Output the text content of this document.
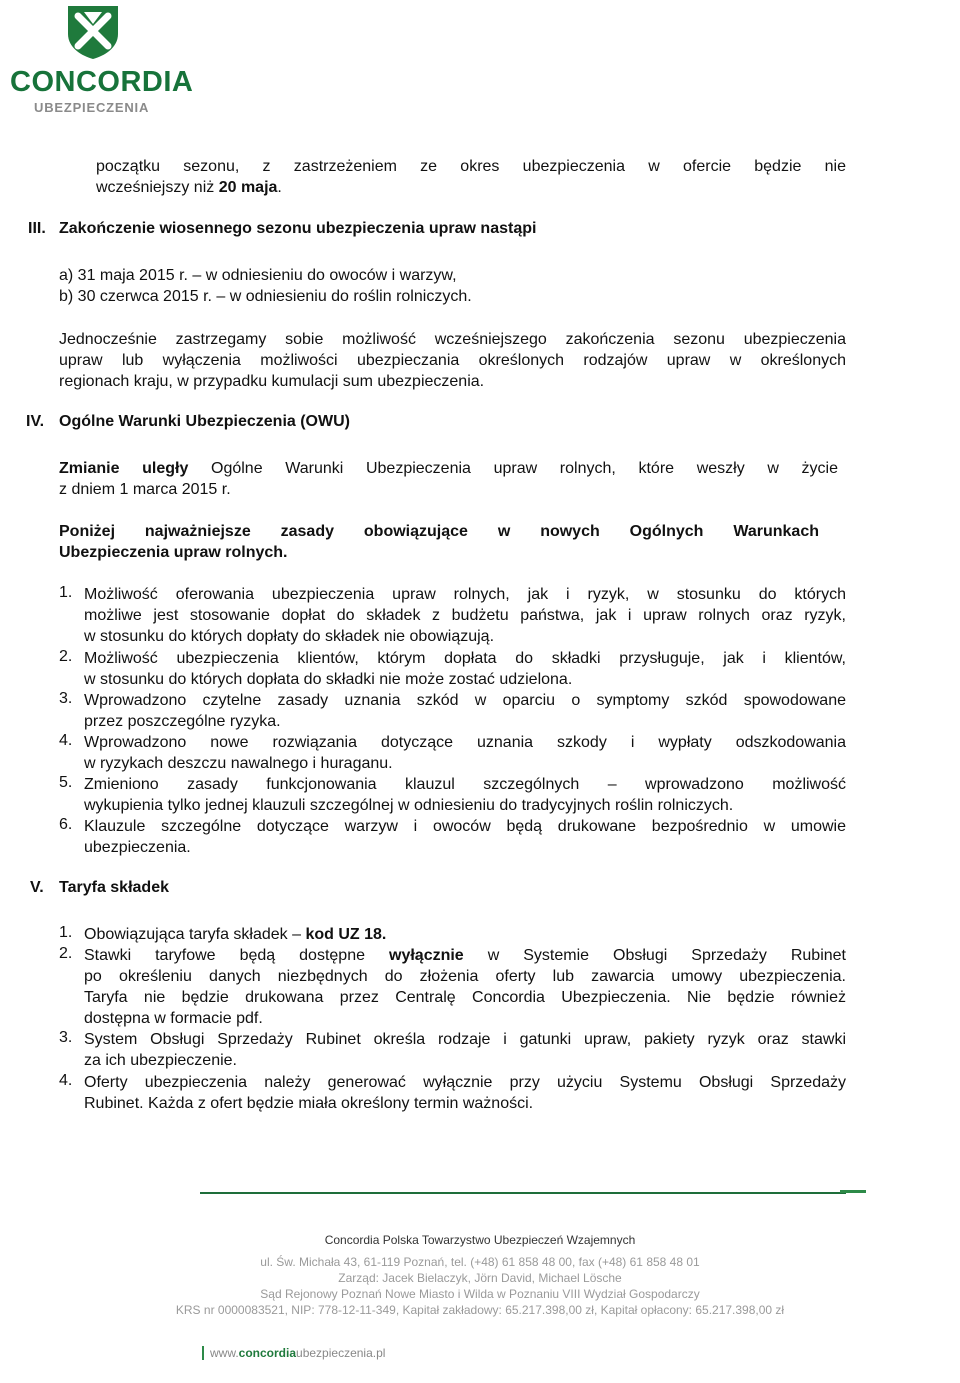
CONCORDIA
UBEZPIECZENIA

początku sezonu, z zastrzeżeniem ze okres ubezpieczenia w ofercie będzie nie

wcześniejszy niż 20 maja.

III. Zakończenie wiosennego sezonu ubezpieczenia upraw nastąpi

a) 31 maja 2015 r. – w odniesieniu do owoców i warzyw,

b) 30 czerwca 2015 r. – w odniesieniu do roślin rolniczych.

Jednocześnie zastrzegamy sobie możliwość wcześniejszego zakończenia sezonu ubezpieczenia

upraw lub wyłączenia możliwości ubezpieczania określonych rodzajów upraw w określonych

regionach kraju, w przypadku kumulacji sum ubezpieczenia.

IV. Ogólne Warunki Ubezpieczenia (OWU)

Zmianie uległy Ogólne Warunki Ubezpieczenia upraw rolnych, które weszły w życie

z dniem 1 marca 2015 r.

Poniżej najważniejsze zasady obowiązujące w nowych Ogólnych Warunkach

Ubezpieczenia upraw rolnych.

1. Możliwość oferowania ubezpieczenia upraw rolnych, jak i ryzyk, w stosunku do których

możliwe jest stosowanie dopłat do składek z budżetu państwa, jak i upraw rolnych oraz ryzyk,

w stosunku do których dopłaty do składek nie obowiązują.

2. Możliwość ubezpieczenia klientów, którym dopłata do składki przysługuje, jak i klientów,

w stosunku do których dopłata do składki nie może zostać udzielona.

3. Wprowadzono czytelne zasady uznania szkód w oparciu o symptomy szkód spowodowane

przez poszczególne ryzyka.

4. Wprowadzono nowe rozwiązania dotyczące uznania szkody i wypłaty odszkodowania

w ryzykach deszczu nawalnego i huraganu.

5. Zmieniono zasady funkcjonowania klauzul szczególnych – wprowadzono możliwość

wykupienia tylko jednej klauzuli szczególnej w odniesieniu do tradycyjnych roślin rolniczych.

6. Klauzule szczególne dotyczące warzyw i owoców będą drukowane bezpośrednio w umowie

ubezpieczenia.

V. Taryfa składek
1. Obowiązująca taryfa składek – kod UZ 18.

2. Stawki taryfowe będą dostępne wyłącznie w Systemie Obsługi Sprzedaży Rubinet

po określeniu danych niezbędnych do złożenia oferty lub zawarcia umowy ubezpieczenia.

Taryfa nie będzie drukowana przez Centralę Concordia Ubezpieczenia. Nie będzie również

dostępna w formacie pdf.

3. System Obsługi Sprzedaży Rubinet określa rodzaje i gatunki upraw, pakiety ryzyk oraz stawki

za ich ubezpieczenie.

4. Oferty ubezpieczenia należy generować wyłącznie przy użyciu Systemu Obsługi Sprzedaży

Rubinet. Każda z ofert będzie miała określony termin ważności.

Concordia Polska Towarzystwo Ubezpieczeń Wzajemnych
ul. Św. Michała 43, 61-119 Poznań, tel. (+48) 61 858 48 00, fax (+48) 61 858 48 01
Zarząd: Jacek Bielaczyk, Jörn David, Michael Lösche
Sąd Rejonowy Poznań Nowe Miasto i Wilda w Poznaniu VIII Wydział Gospodarczy
KRS nr 0000083521, NIP: 778-12-11-349, Kapitał zakładowy: 65.217.398,00 zł, Kapitał opłacony: 65.217.398,00 zł
www.concordiaubezpieczenia.pl
